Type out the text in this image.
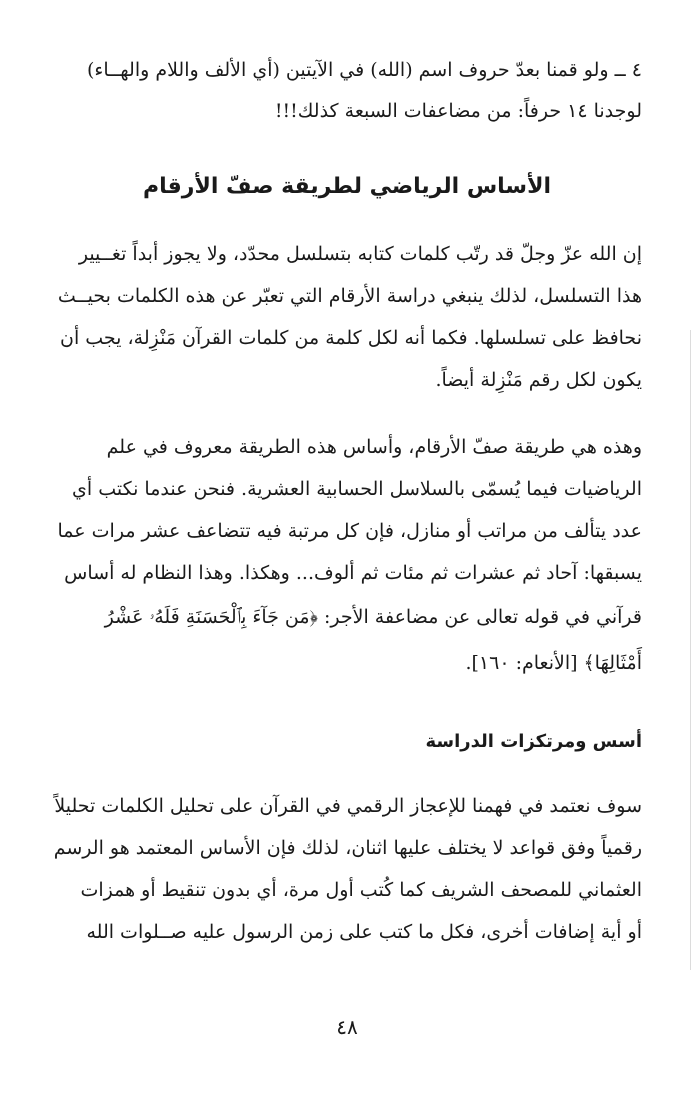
٤ ــ ولو قمنا بعدّ حروف اسم (الله) في الآيتين (أي الألف واللام والهــاء)
لوجدنا ١٤ حرفاً: من مضاعفات السبعة كذلك!!!
الأساس الرياضي لطريقة صفّ الأرقام
إن الله عزّ وجلّ قد رتّب كلمات كتابه بتسلسل محدّد، ولا يجوز أبداً تغــيير
هذا التسلسل، لذلك ينبغي دراسة الأرقام التي تعبّر عن هذه الكلمات بحيــث
نحافظ على تسلسلها. فكما أنه لكل كلمة من كلمات القرآن مَنْزِلة، يجب أن
يكون لكل رقم مَنْزِلة أيضاً.
وهذه هي طريقة صفّ الأرقام، وأساس هذه الطريقة معروف في علم
الرياضيات فيما يُسمّى بالسلاسل الحسابية العشرية. فنحن عندما نكتب أي
عدد يتألف من مراتب أو منازل، فإن كل مرتبة فيه تتضاعف عشر مرات عما
يسبقها: آحاد ثم عشرات ثم مئات ثم ألوف... وهكذا. وهذا النظام له أساس
قرآني في قوله تعالى عن مضاعفة الأجر: ﴿مَن جَآءَ بِٱلْحَسَنَةِ فَلَهُۥ عَشْرُ
أَمْثَالِهَا﴾ [الأنعام: ١٦٠].
أسس ومرتكزات الدراسة
سوف نعتمد في فهمنا للإعجاز الرقمي في القرآن على تحليل الكلمات تحليلاً
رقمياً وفق قواعد لا يختلف عليها اثنان، لذلك فإن الأساس المعتمد هو الرسم
العثماني للمصحف الشريف كما كُتب أول مرة، أي بدون تنقيط أو همزات
أو أية إضافات أخرى، فكل ما كتب على زمن الرسول عليه صــلوات الله
٤٨
